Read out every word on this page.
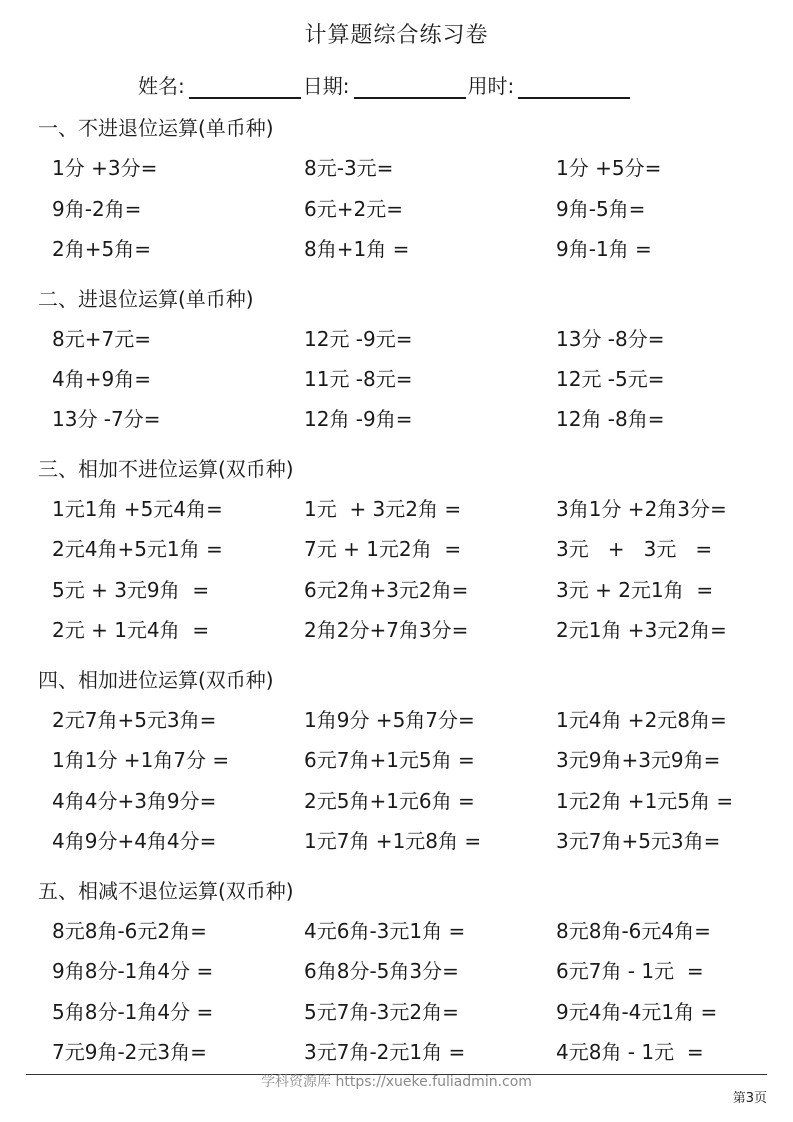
计算题综合练习卷
姓名:	日期:	用时:
一、不进退位运算(单币种)
1分 +3分=	8元-3元=	1分 +5分=
9角-2角=	6元+2元=	9角-5角=
2角+5角=	8角+1角 =	9角-1角 =
二、进退位运算(单币种)
8元+7元=	12元 -9元=	13分 -8分=
4角+9角=	11元 -8元=	12元 -5元=
13分 -7分=	12角 -9角=	12角 -8角=
三、相加不进位运算(双币种)
1元1角 +5元4角=	1元  + 3元2角 =	3角1分 +2角3分=
2元4角+5元1角 =	7元 + 1元2角  =	3元   +   3元   =
5元 + 3元9角  =	6元2角+3元2角=	3元 + 2元1角  =
2元 + 1元4角  =	2角2分+7角3分=	2元1角 +3元2角=
四、相加进位运算(双币种)
2元7角+5元3角=	1角9分 +5角7分=	1元4角 +2元8角=
1角1分 +1角7分 =	6元7角+1元5角 =	3元9角+3元9角=
4角4分+3角9分=	2元5角+1元6角 =	1元2角 +1元5角 =
4角9分+4角4分=	1元7角 +1元8角 =	3元7角+5元3角=
五、相减不退位运算(双币种)
8元8角-6元2角=	4元6角-3元1角 =	8元8角-6元4角=
9角8分-1角4分 =	6角8分-5角3分=	6元7角 - 1元  =
5角8分-1角4分 =	5元7角-3元2角=	9元4角-4元1角 =
7元9角-2元3角=	3元7角-2元1角 =	4元8角 - 1元  =
学科资源库 https://xueke.fuliadmin.com
第3页
